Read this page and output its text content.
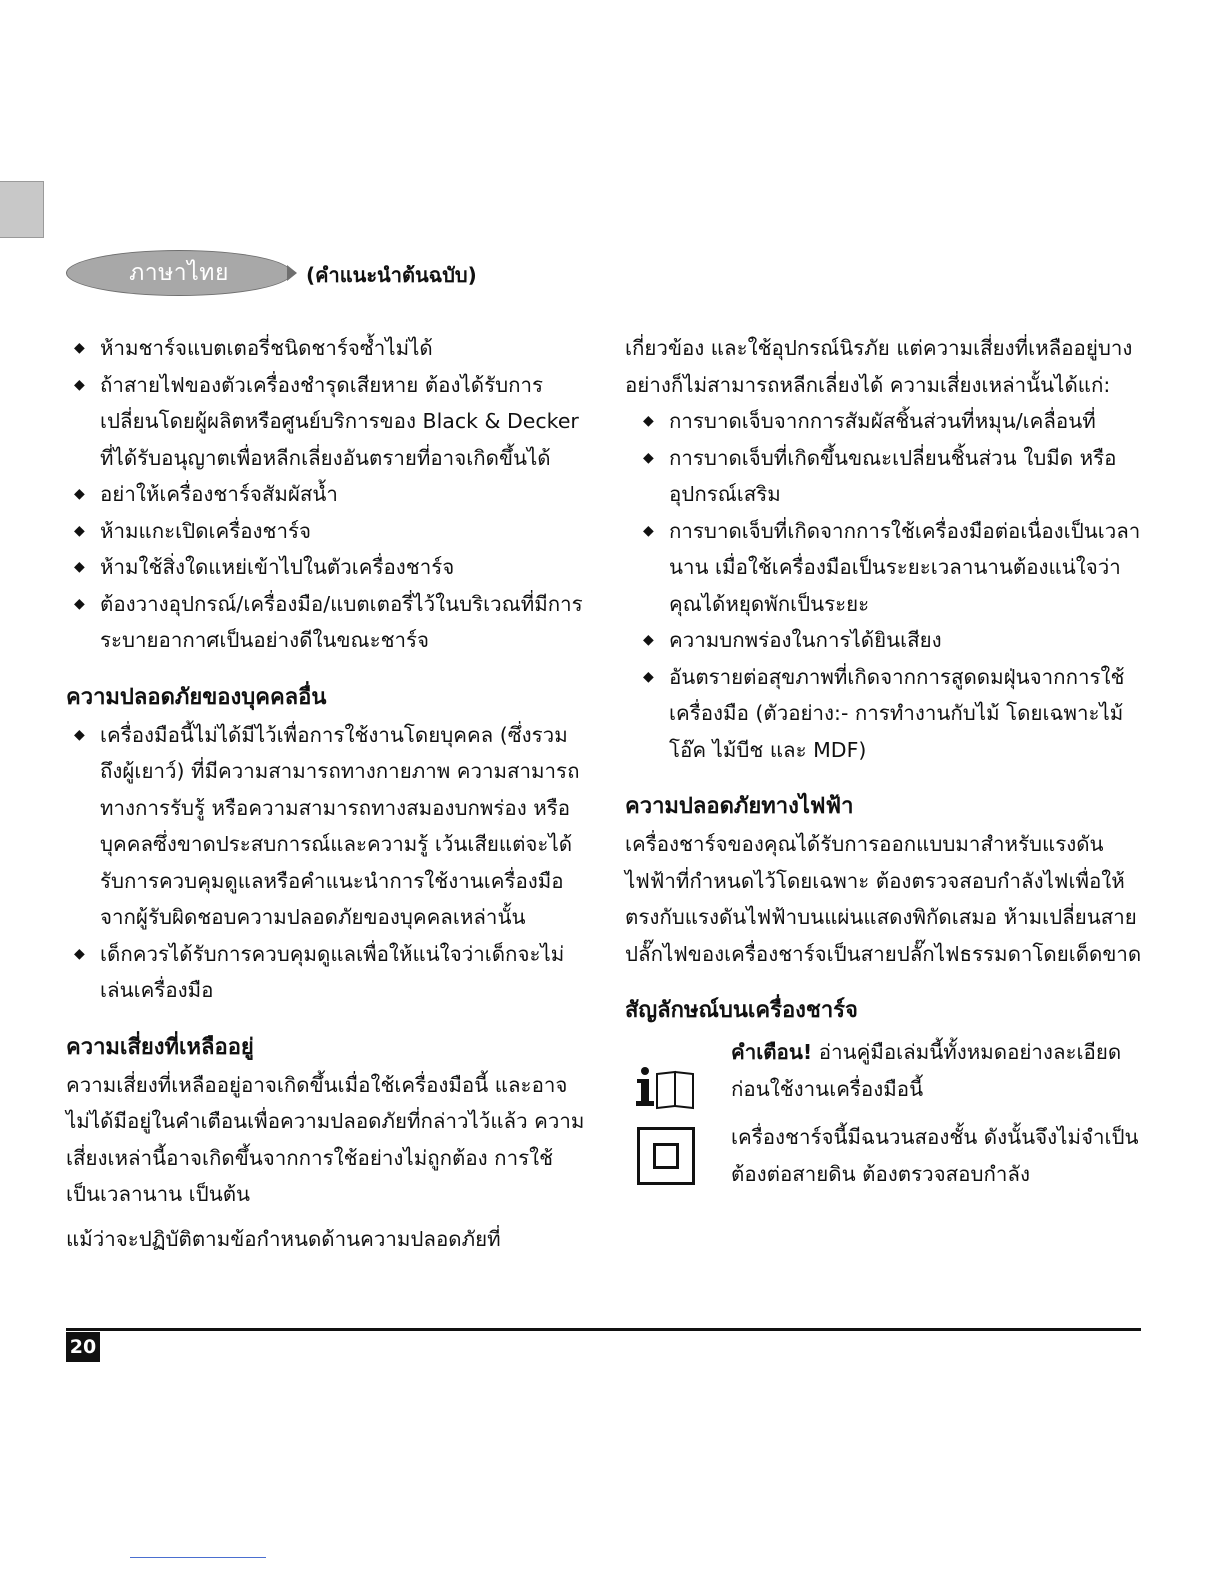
ภาษาไทย	(คำแนะนำต้นฉบับ)
◆ ห้ามชาร์จแบตเตอรี่ชนิดชาร์จซ้ำไม่ได้
◆ ถ้าสายไฟของตัวเครื่องชำรุดเสียหาย ต้องได้รับการเปลี่ยนโดยผู้ผลิตหรือศูนย์บริการของ Black & Decker ที่ได้รับอนุญาตเพื่อหลีกเลี่ยงอันตรายที่อาจเกิดขึ้นได้
◆ อย่าให้เครื่องชาร์จสัมผัสน้ำ
◆ ห้ามแกะเปิดเครื่องชาร์จ
◆ ห้ามใช้สิ่งใดแหย่เข้าไปในตัวเครื่องชาร์จ
◆ ต้องวางอุปกรณ์/เครื่องมือ/แบตเตอรี่ไว้ในบริเวณที่มีการระบายอากาศเป็นอย่างดีในขณะชาร์จ
ความปลอดภัยของบุคคลอื่น
◆ เครื่องมือนี้ไม่ได้มีไว้เพื่อการใช้งานโดยบุคคล (ซึ่งรวมถึงผู้เยาว์) ที่มีความสามารถทางกายภาพ ความสามารถทางการรับรู้ หรือความสามารถทางสมองบกพร่อง หรือบุคคลซึ่งขาดประสบการณ์และความรู้ เว้นเสียแต่จะได้รับการควบคุมดูแลหรือคำแนะนำการใช้งานเครื่องมือจากผู้รับผิดชอบความปลอดภัยของบุคคลเหล่านั้น
◆ เด็กควรได้รับการควบคุมดูแลเพื่อให้แน่ใจว่าเด็กจะไม่เล่นเครื่องมือ
ความเสี่ยงที่เหลืออยู่

ความเสี่ยงที่เหลืออยู่อาจเกิดขึ้นเมื่อใช้เครื่องมือนี้ และอาจไม่ได้มีอยู่ในคำเตือนเพื่อความปลอดภัยที่กล่าวไว้แล้ว ความเสี่ยงเหล่านี้อาจเกิดขึ้นจากการใช้อย่างไม่ถูกต้อง การใช้เป็นเวลานาน เป็นต้น

แม้ว่าจะปฏิบัติตามข้อกำหนดด้านความปลอดภัยที่

เกี่ยวข้อง และใช้อุปกรณ์นิรภัย แต่ความเสี่ยงที่เหลืออยู่บางอย่างก็ไม่สามารถหลีกเลี่ยงได้ ความเสี่ยงเหล่านั้นได้แก่:

◆ การบาดเจ็บจากการสัมผัสชิ้นส่วนที่หมุน/เคลื่อนที่
◆ การบาดเจ็บที่เกิดขึ้นขณะเปลี่ยนชิ้นส่วน ใบมีด หรืออุปกรณ์เสริม
◆ การบาดเจ็บที่เกิดจากการใช้เครื่องมือต่อเนื่องเป็นเวลานาน เมื่อใช้เครื่องมือเป็นระยะเวลานานต้องแน่ใจว่าคุณได้หยุดพักเป็นระยะ
◆ ความบกพร่องในการได้ยินเสียง
◆ อันตรายต่อสุขภาพที่เกิดจากการสูดดมฝุ่นจากการใช้เครื่องมือ (ตัวอย่าง:- การทำงานกับไม้ โดยเฉพาะไม้โอ๊ค ไม้บีช และ MDF)
ความปลอดภัยทางไฟฟ้า

เครื่องชาร์จของคุณได้รับการออกแบบมาสำหรับแรงดันไฟฟ้าที่กำหนดไว้โดยเฉพาะ ต้องตรวจสอบกำลังไฟเพื่อให้ตรงกับแรงดันไฟฟ้าบนแผ่นแสดงพิกัดเสมอ ห้ามเปลี่ยนสายปลั๊กไฟของเครื่องชาร์จเป็นสายปลั๊กไฟธรรมดาโดยเด็ดขาด

สัญลักษณ์บนเครื่องชาร์จ

คำเตือน! อ่านคู่มือเล่มนี้ทั้งหมดอย่างละเอียดก่อนใช้งานเครื่องมือนี้

เครื่องชาร์จนี้มีฉนวนสองชั้น ดังนั้นจึงไม่จำเป็นต้องต่อสายดิน ต้องตรวจสอบกำลัง

20
